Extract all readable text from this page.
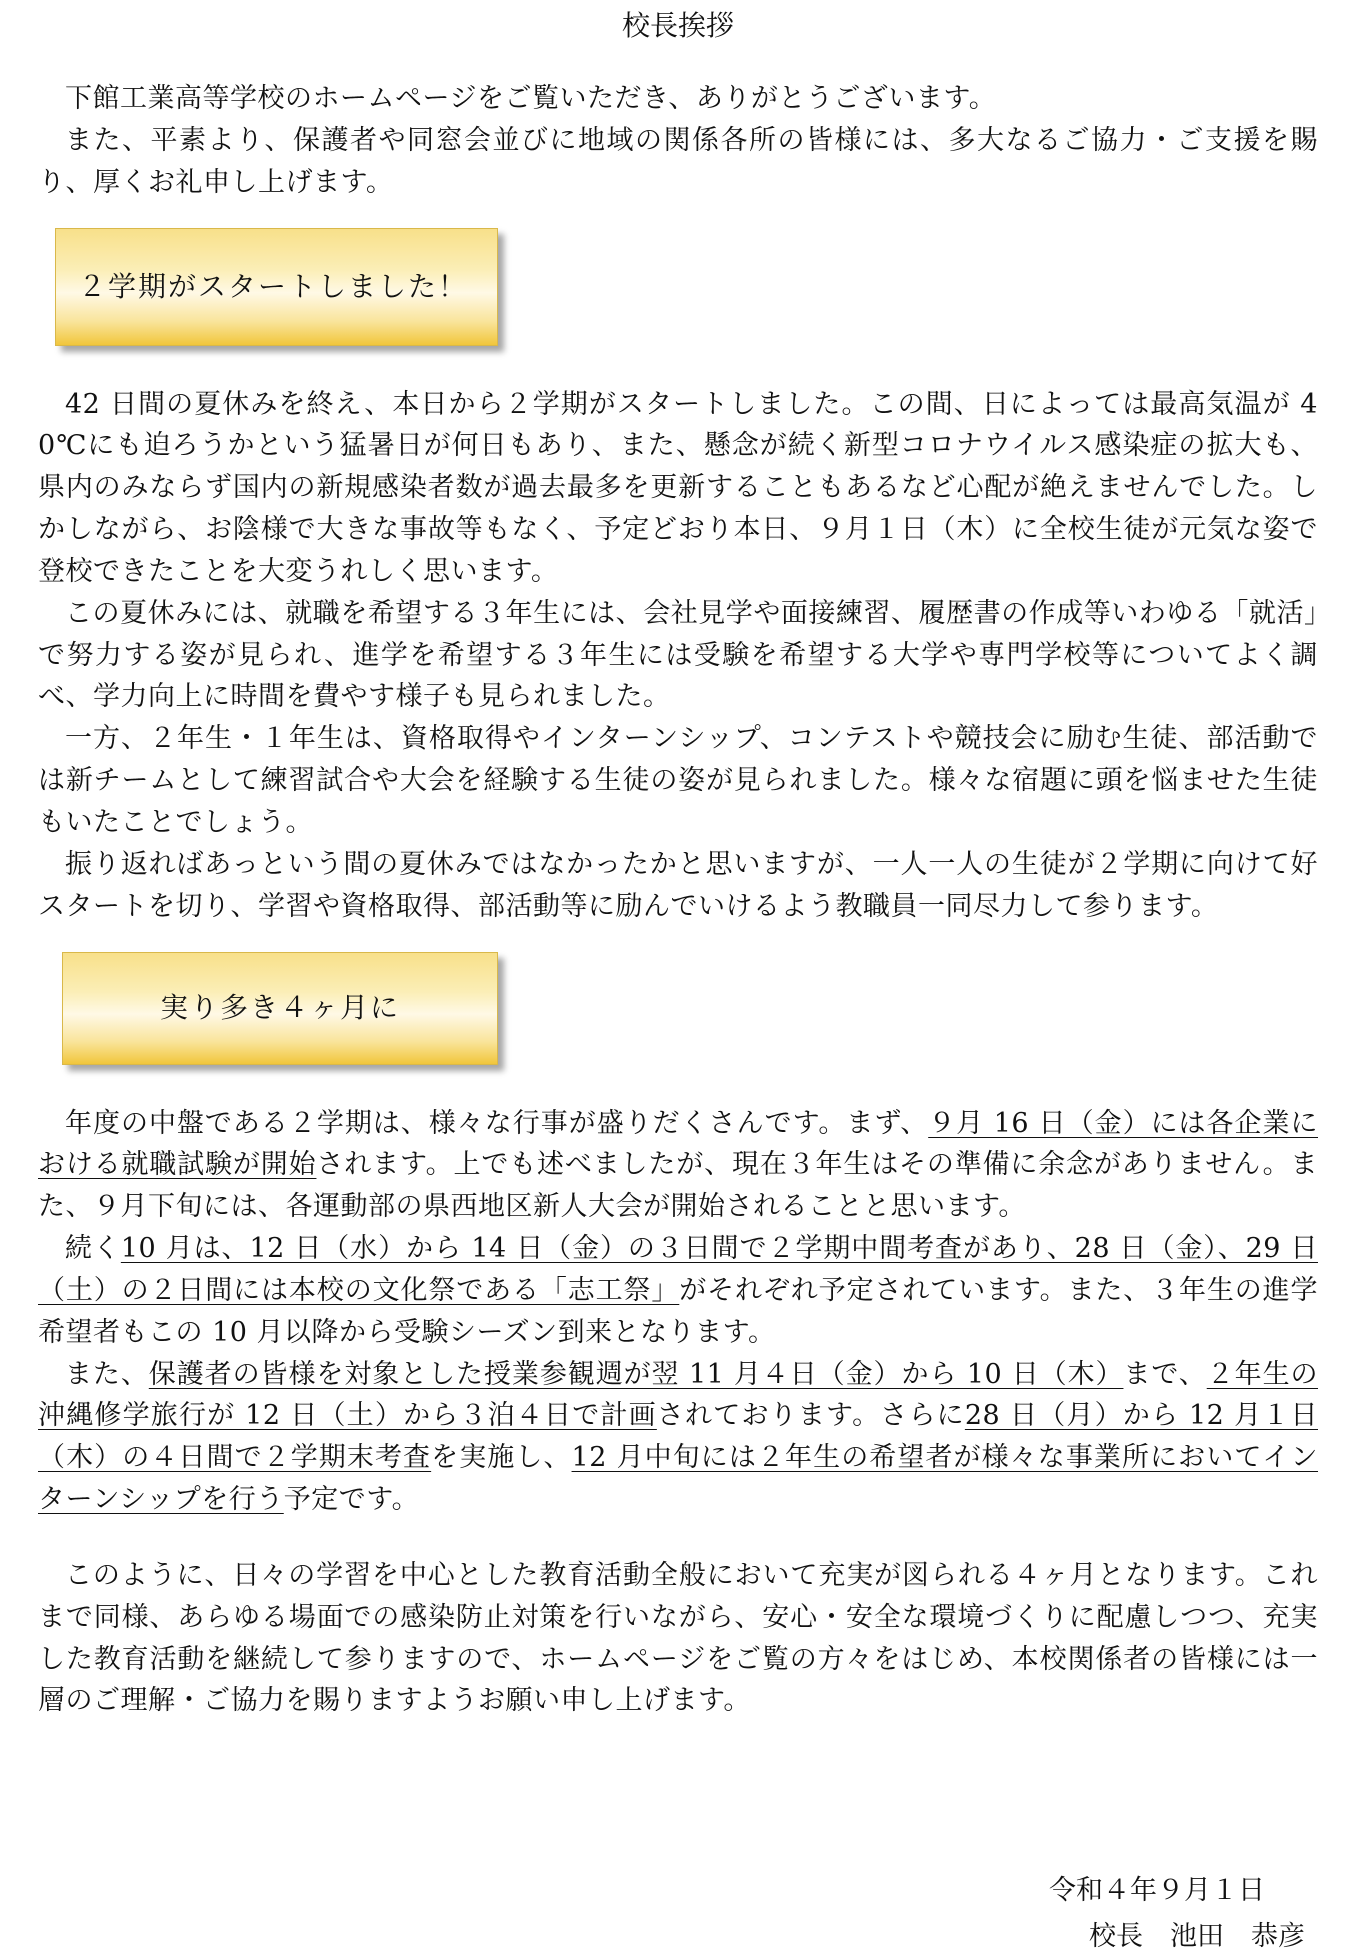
校長挨拶

下館工業高等学校のホームページをご覧いただき、ありがとうございます。

また、平素より、保護者や同窓会並びに地域の関係各所の皆様には、多大なるご協力・ご支援を賜り、厚くお礼申し上げます。

２学期がスタートしました！

42 日間の夏休みを終え、本日から２学期がスタートしました。この間、日によっては最高気温が 40℃にも迫ろうかという猛暑日が何日もあり、また、懸念が続く新型コロナウイルス感染症の拡大も、県内のみならず国内の新規感染者数が過去最多を更新することもあるなど心配が絶えませんでした。しかしながら、お陰様で大きな事故等もなく、予定どおり本日、９月１日（木）に全校生徒が元気な姿で登校できたことを大変うれしく思います。

この夏休みには、就職を希望する３年生には、会社見学や面接練習、履歴書の作成等いわゆる「就活」で努力する姿が見られ、進学を希望する３年生には受験を希望する大学や専門学校等についてよく調べ、学力向上に時間を費やす様子も見られました。

一方、２年生・１年生は、資格取得やインターンシップ、コンテストや競技会に励む生徒、部活動では新チームとして練習試合や大会を経験する生徒の姿が見られました。様々な宿題に頭を悩ませた生徒もいたことでしょう。

振り返ればあっという間の夏休みではなかったかと思いますが、一人一人の生徒が２学期に向けて好スタートを切り、学習や資格取得、部活動等に励んでいけるよう教職員一同尽力して参ります。

実り多き４ヶ月に

年度の中盤である２学期は、様々な行事が盛りだくさんです。まず、９月 16 日（金）には各企業における就職試験が開始されます。上でも述べましたが、現在３年生はその準備に余念がありません。また、９月下旬には、各運動部の県西地区新人大会が開始されることと思います。

続く10 月は、12 日（水）から 14 日（金）の３日間で２学期中間考査があり、28 日（金）、29 日（土）の２日間には本校の文化祭である「志工祭」がそれぞれ予定されています。また、３年生の進学希望者もこの 10 月以降から受験シーズン到来となります。

また、保護者の皆様を対象とした授業参観週が翌 11 月４日（金）から 10 日（木）まで、２年生の沖縄修学旅行が 12 日（土）から３泊４日で計画されております。さらに28 日（月）から 12 月１日（木）の４日間で２学期末考査を実施し、12 月中旬には２年生の希望者が様々な事業所においてインターンシップを行う予定です。

このように、日々の学習を中心とした教育活動全般において充実が図られる４ヶ月となります。これまで同様、あらゆる場面での感染防止対策を行いながら、安心・安全な環境づくりに配慮しつつ、充実した教育活動を継続して参りますので、ホームページをご覧の方々をはじめ、本校関係者の皆様には一層のご理解・ご協力を賜りますようお願い申し上げます。

令和４年９月１日
校長　池田　恭彦
